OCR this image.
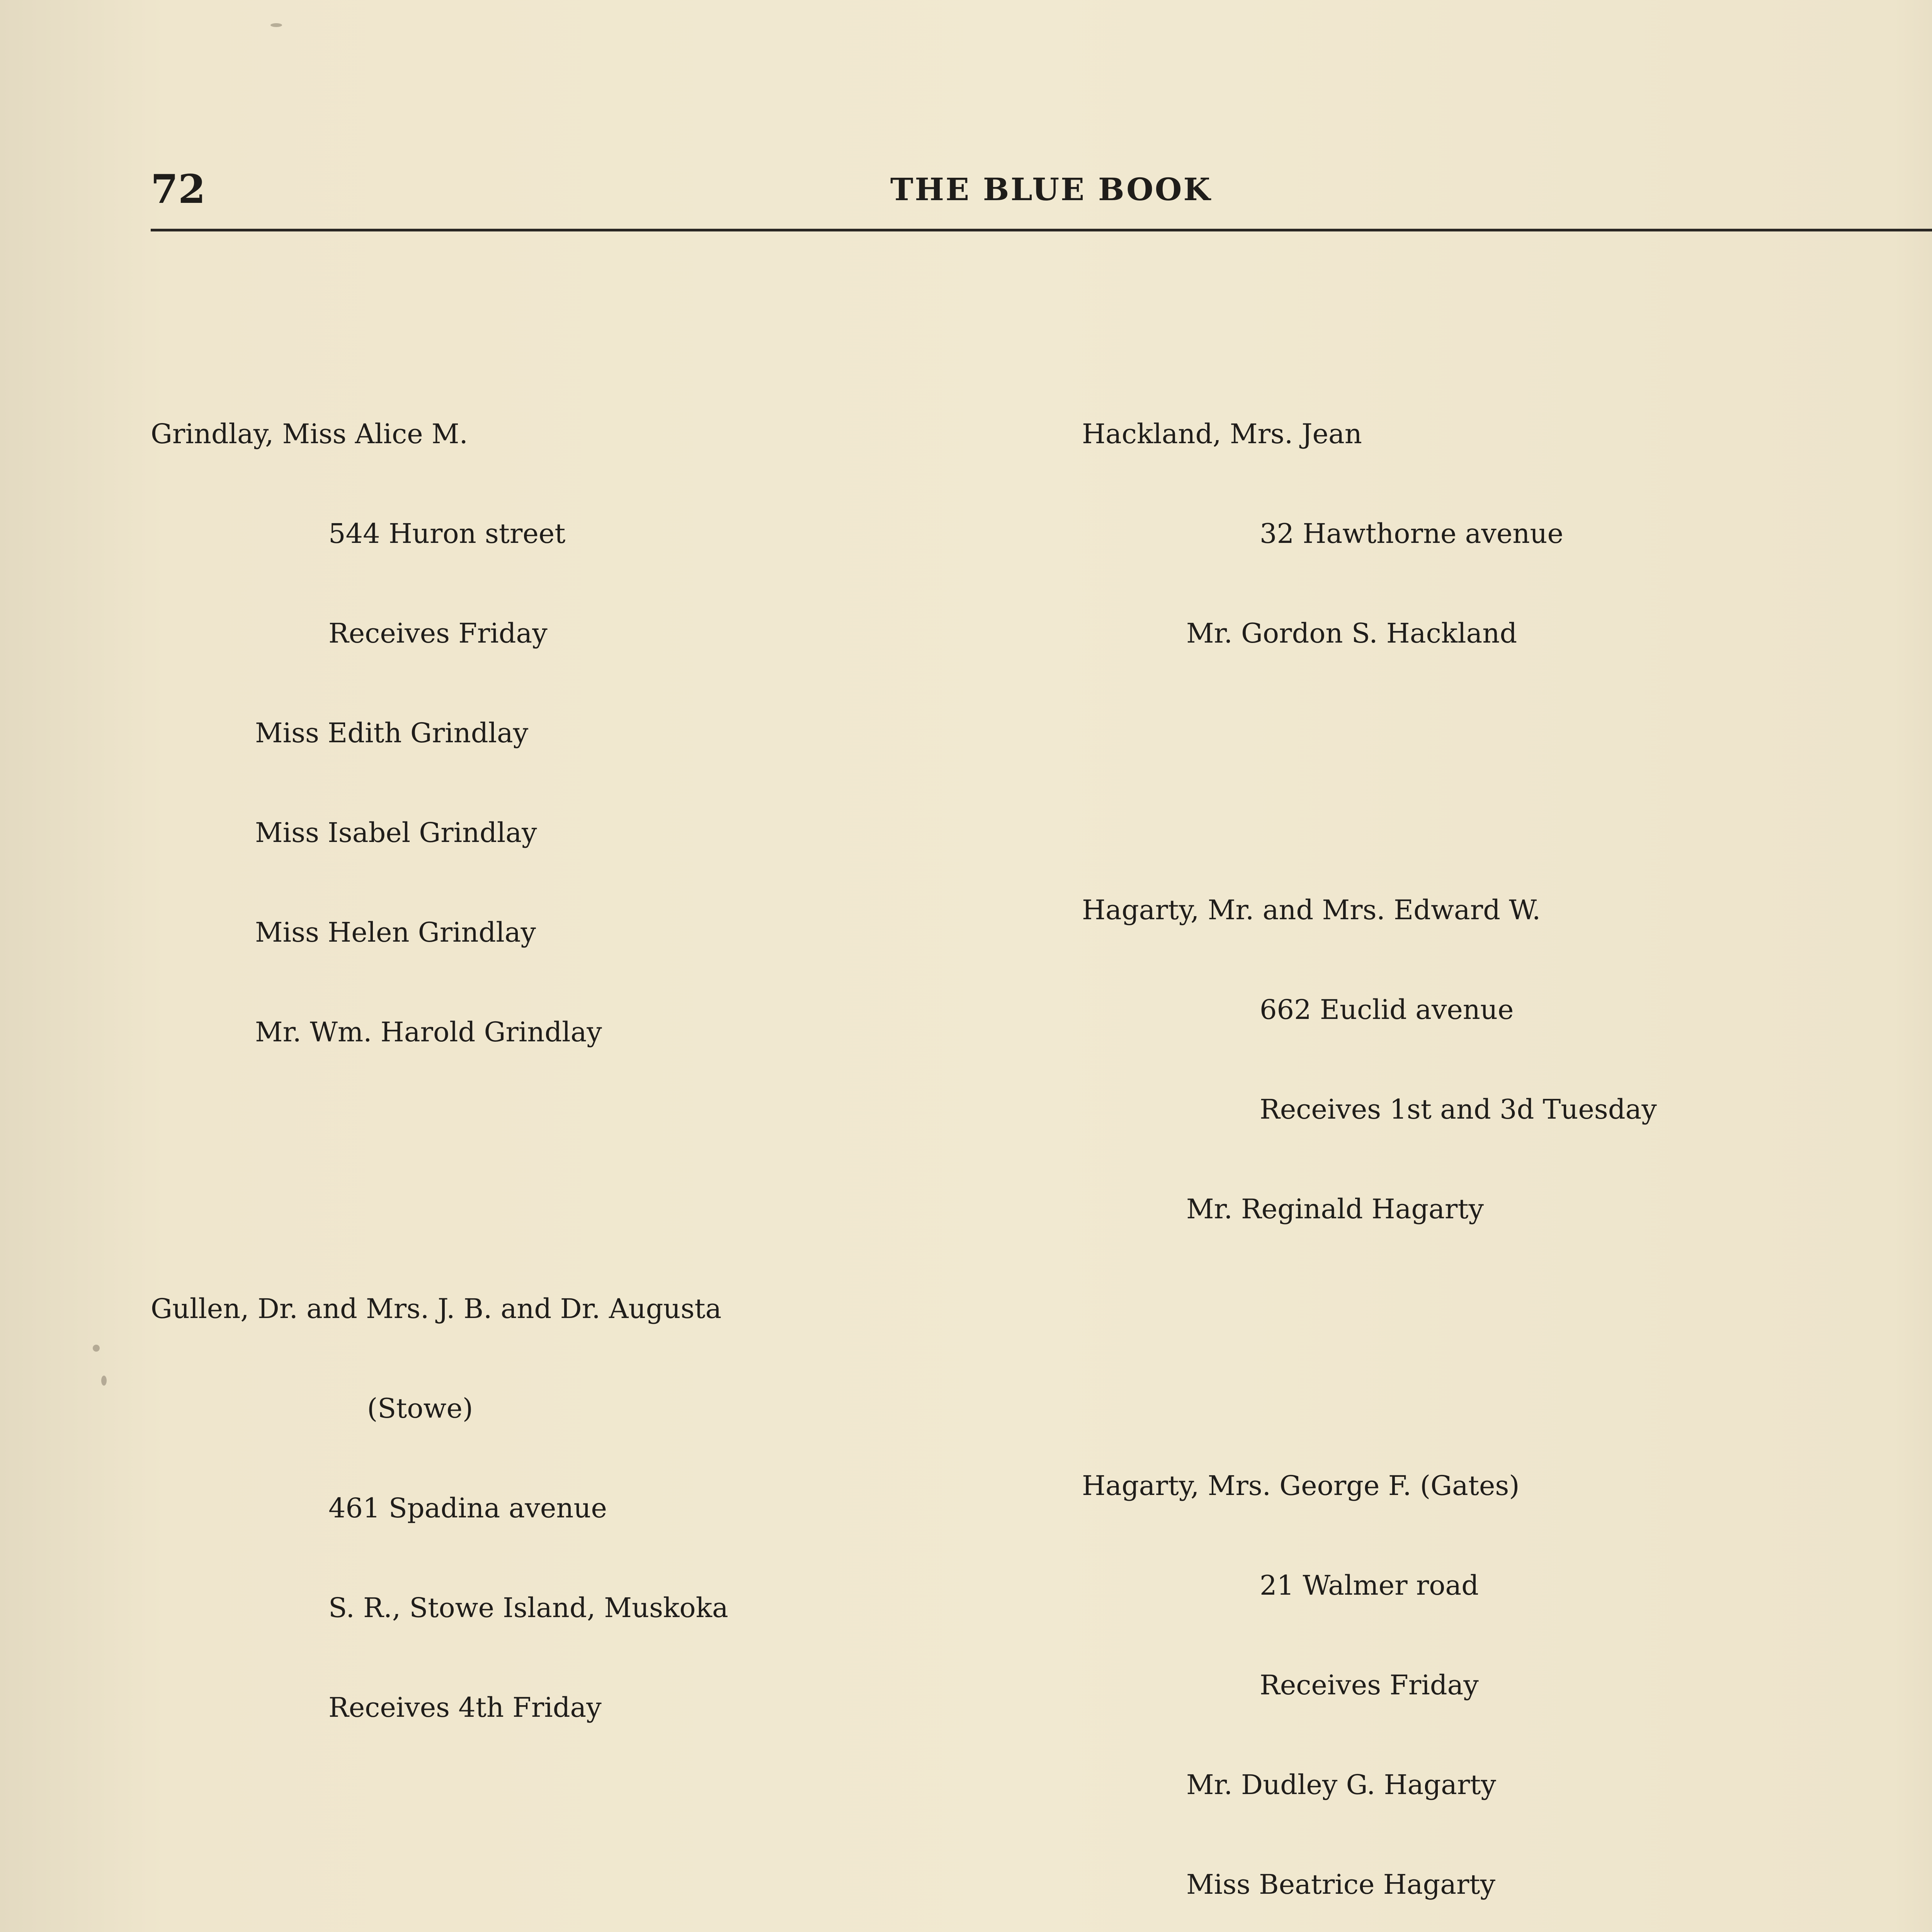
72	THE BLUE BOOK

Grindlay, Miss Alice M.

544 Huron street

Receives Friday

Miss Edith Grindlay

Miss Isabel Grindlay

Miss Helen Grindlay

Mr. Wm. Harold Grindlay

Gullen, Dr. and Mrs. J. B. and Dr. Augusta

(Stowe)

461 Spadina avenue

S. R., Stowe Island, Muskoka

Receives 4th Friday

Hackland, Mrs. Jean

32 Hawthorne avenue

Mr. Gordon S. Hackland

Hagarty, Mr. and Mrs. Edward W.

662 Euclid avenue

Receives 1st and 3d Tuesday

Mr. Reginald Hagarty

Hagarty, Mrs. George F. (Gates)

21 Walmer road

Receives Friday

Mr. Dudley G. Hagarty

Miss Beatrice Hagarty
